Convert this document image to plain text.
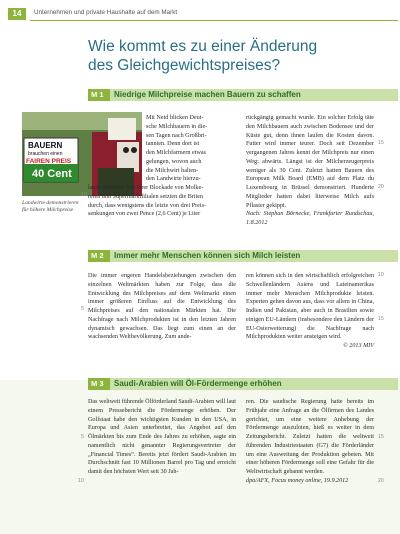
14	Unternehmen und private Haushalte auf dem Markt
Wie kommt es zu einer Änderung
des Gleichgewichtspreises?
M 1	Niedrige Milchpreise machen Bauern zu schaffen
BAUERN
brauchen einen
FAIREN PREIS
40 Cent
Landwirte demonstrieren
für höhere Milchpreise

Mit Neid blicken Deut-

sche Milchbauern in die-

sen Tagen nach Großbri-

tannien. Denn dort ist

den Milchfarmern etwas

gelungen, wovon auch

die Milchwirt halten-

den Landwirte hierzu-

lande träumen: Mit ihrer Blockade von Molke-

reien und Supermarktfilialen setzten die Briten

durch, dass wenigstens die letzte von drei Preis-

senkungen von zwei Pence (2,6 Cent) je Liter

rückgängig gemacht wurde. Ein solcher Erfolg täte den Milchbauern auch zwischen Bodensee und der Küste gut, denn ihnen laufen die Kosten davon. Futter wird immer teurer. Doch seit Dezember vergangenen Jahres kennt der Milchpreis nur einen Weg: abwärts. Längst ist der Milcherzeugerpreis weniger als 30 Cent. Zuletzt hatten Bauern des European Milk Board (EMB) auf dem Platz du Luxembourg in Brüssel demonstriert. Hunderte Mitglieder hatten dabei literweise Milch aufs Pflaster gekippt.

Nach: Stephan Börnecke, Frankfurter Rundschau, 1.8.2012

10
15
20
M 2	Immer mehr Menschen können sich Milch leisten

Die immer engeren Handelsbeziehungen zwischen den einzelnen Weltmärkten haben zur Folge, dass die Entwicklung des Milchpreises auf dem Weltmarkt einen immer größeren Einfluss auf die Entwicklung des Milchpreises auf den nationalen Märkten hat. Die Nachfrage nach Milchprodukten ist in den letzten Jahren dynamisch gewachsen. Das liegt zum einen an der wachsenden Weltbevölkerung. Zum ande-

ren können sich in den wirtschaftlich erfolgreichen Schwellenländern Asiens und Lateinamerikas immer mehr Menschen Milchprodukte leisten. Experten gehen davon aus, dass vor allem in China, Indien und Pakistan, aber auch in Brasilien sowie einigen EU-Ländern (insbesondere den Ländern der EU-Osterweiterung) die Nachfrage nach Milchprodukten weiter ansteigen wird.

© 2013 MIV

5
10
15
M 3	Saudi-Arabien will Öl-Fördermenge erhöhen

Das weltweit führende Ölförderland Saudi-Arabien will laut einem Pressebericht die Fördermenge erhöhen. Der Golfstaat habe den wichtigsten Kunden in den USA, in Europa und Asien unterbreitet, das Angebot auf den Ölmärkten bis zum Ende des Jahres zu erhöhen, sagte ein namentlich nicht genannter Regierungsvertreter der „Financial Times“. Bereits jetzt fördert Saudi-Arabien im Durchschnitt fast 10 Millionen Barrel pro Tag und erreicht damit den höchsten Wert seit 30 Jah-

ren. Die saudische Regierung hatte bereits im Frühjahr eine Anfrage an die Ölfirmen des Landes gerichtet, um eine weitere Anhebung der Fördermenge auszuloten, hieß es weiter in dem Zeitungsbericht. Zuletzt hatten die weltweit führenden Industriestaaten (G7) die Förderländer um eine Ausweitung der Produktion gebeten. Mit einer höheren Fördermenge soll eine Gefahr für die Weltwirtschaft gebannt werden.

dpa/AFX, Focus money online, 19.9.2012

5
10
15
20
